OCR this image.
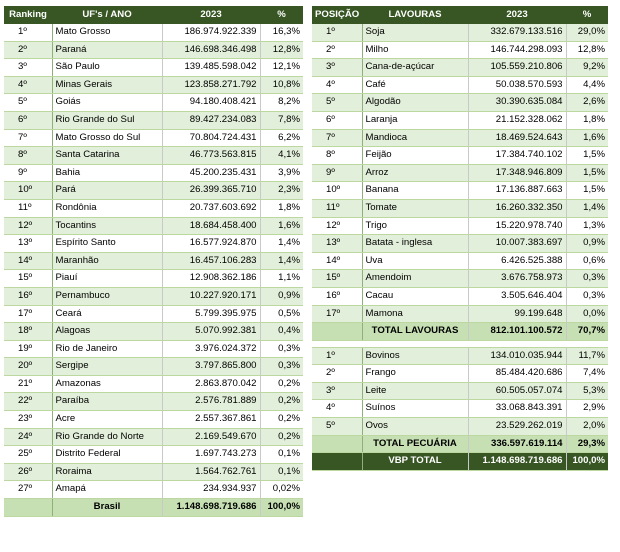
Ranking	UF's / ANO	2023	%
1º	Mato Grosso	186.974.922.339	16,3%
2º	Paraná	146.698.346.498	12,8%
3º	São Paulo	139.485.598.042	12,1%
4º	Minas Gerais	123.858.271.792	10,8%
5º	Goiás	94.180.408.421	8,2%
6º	Rio Grande do Sul	89.427.234.083	7,8%
7º	Mato Grosso do Sul	70.804.724.431	6,2%
8º	Santa Catarina	46.773.563.815	4,1%
9º	Bahia	45.200.235.431	3,9%
10º	Pará	26.399.365.710	2,3%
11º	Rondônia	20.737.603.692	1,8%
12º	Tocantins	18.684.458.400	1,6%
13º	Espírito Santo	16.577.924.870	1,4%
14º	Maranhão	16.457.106.283	1,4%
15º	Piauí	12.908.362.186	1,1%
16º	Pernambuco	10.227.920.171	0,9%
17º	Ceará	5.799.395.975	0,5%
18º	Alagoas	5.070.992.381	0,4%
19º	Rio de Janeiro	3.976.024.372	0,3%
20º	Sergipe	3.797.865.800	0,3%
21º	Amazonas	2.863.870.042	0,2%
22º	Paraíba	2.576.781.889	0,2%
23º	Acre	2.557.367.861	0,2%
24º	Rio Grande do Norte	2.169.549.670	0,2%
25º	Distrito Federal	1.697.743.273	0,1%
26º	Roraima	1.564.762.761	0,1%
27º	Amapá	234.934.937	0,02%
	Brasil	1.148.698.719.686	100,0%
POSIÇÃO	LAVOURAS	2023	%
1º	Soja	332.679.133.516	29,0%
2º	Milho	146.744.298.093	12,8%
3º	Cana-de-açúcar	105.559.210.806	9,2%
4º	Café	50.038.570.593	4,4%
5º	Algodão	30.390.635.084	2,6%
6º	Laranja	21.152.328.062	1,8%
7º	Mandioca	18.469.524.643	1,6%
8º	Feijão	17.384.740.102	1,5%
9º	Arroz	17.348.946.809	1,5%
10º	Banana	17.136.887.663	1,5%
11º	Tomate	16.260.332.350	1,4%
12º	Trigo	15.220.978.740	1,3%
13º	Batata - inglesa	10.007.383.697	0,9%
14º	Uva	6.426.525.388	0,6%
15º	Amendoim	3.676.758.973	0,3%
16º	Cacau	3.505.646.404	0,3%
17º	Mamona	99.199.648	0,0%
	TOTAL LAVOURAS	812.101.100.572	70,7%

1º	Bovinos	134.010.035.944	11,7%
2º	Frango	85.484.420.686	7,4%
3º	Leite	60.505.057.074	5,3%
4º	Suínos	33.068.843.391	2,9%
5º	Ovos	23.529.262.019	2,0%
	TOTAL PECUÁRIA	336.597.619.114	29,3%
	VBP TOTAL	1.148.698.719.686	100,0%
